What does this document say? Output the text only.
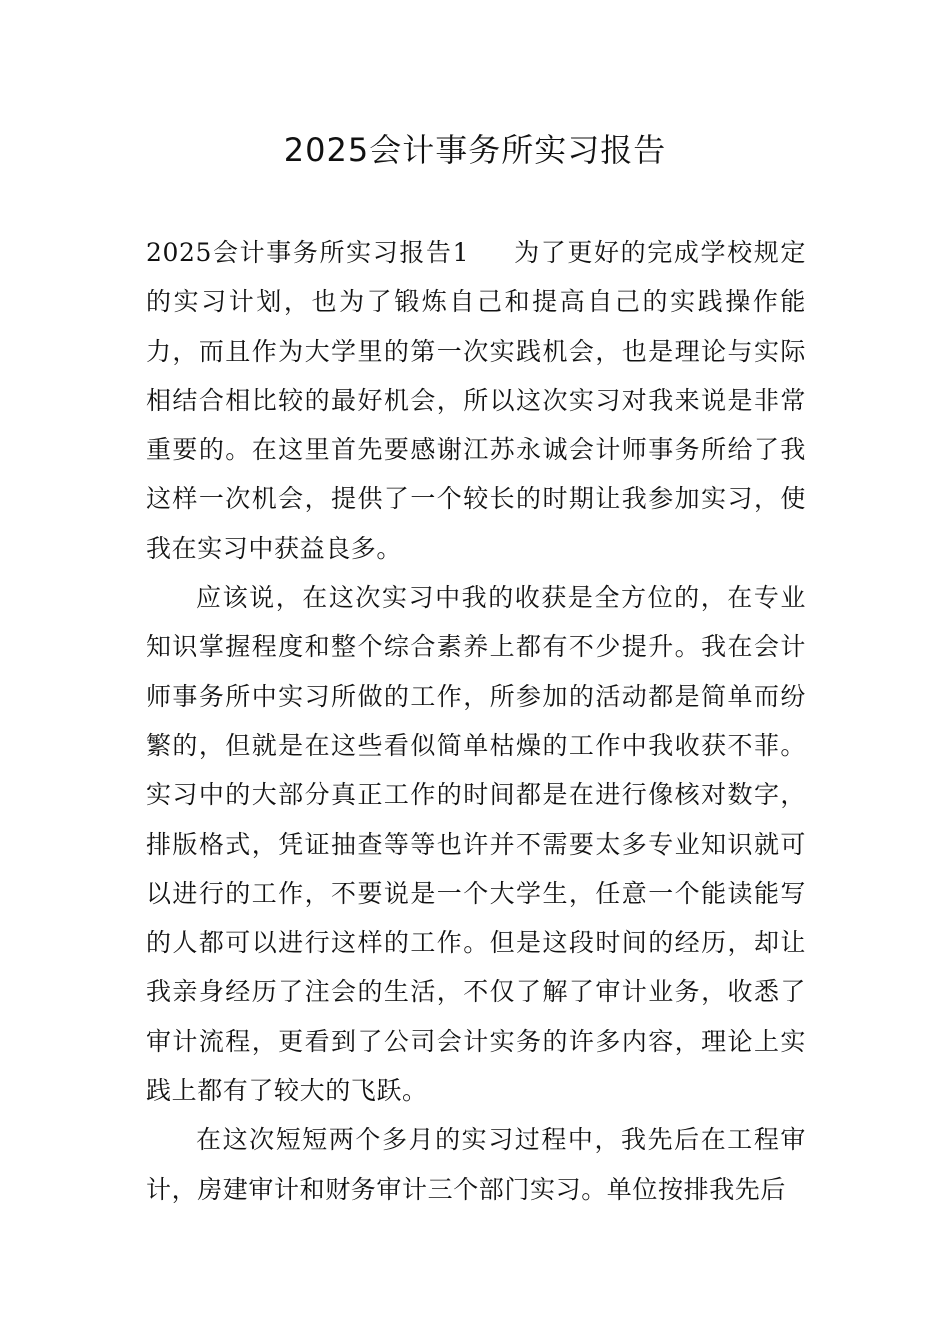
2025会计事务所实习报告

2025会计事务所实习报告1 为了更好的完成学校规定的实习计划，也为了锻炼自己和提高自己的实践操作能力，而且作为大学里的第一次实践机会，也是理论与实际相结合相比较的最好机会，所以这次实习对我来说是非常重要的。在这里首先要感谢江苏永诚会计师事务所给了我这样一次机会，提供了一个较长的时期让我参加实习，使我在实习中获益良多。

应该说，在这次实习中我的收获是全方位的，在专业知识掌握程度和整个综合素养上都有不少提升。我在会计师事务所中实习所做的工作，所参加的活动都是简单而纷繁的，但就是在这些看似简单枯燥的工作中我收获不菲。实习中的大部分真正工作的时间都是在进行像核对数字，排版格式，凭证抽查等等也许并不需要太多专业知识就可以进行的工作，不要说是一个大学生，任意一个能读能写的人都可以进行这样的工作。但是这段时间的经历，却让我亲身经历了注会的生活，不仅了解了审计业务，收悉了审计流程，更看到了公司会计实务的许多内容，理论上实践上都有了较大的飞跃。

在这次短短两个多月的实习过程中，我先后在工程审计，房建审计和财务审计三个部门实习。单位按排我先后
